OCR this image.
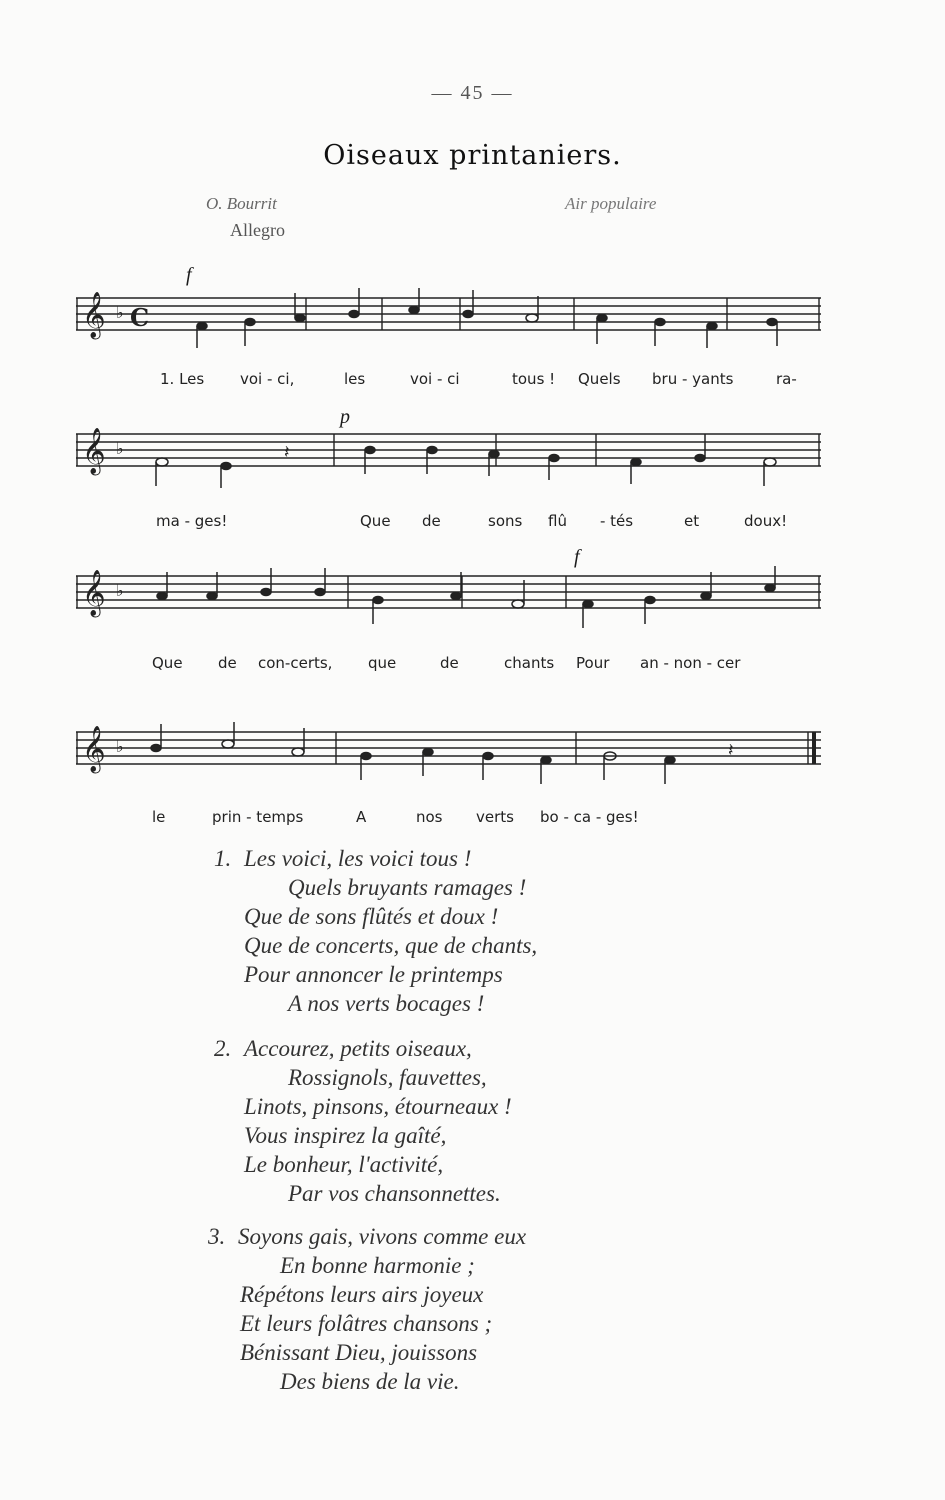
— 45 —
Oiseaux printaniers.
O. Bourrit
Allegro
Air populaire
𝄞 ♭ C
f
1. Les voi - ci,	les	voi - ci	tous ! Quels bru - yants	ra-
𝄞 ♭	𝄽
p
ma - ges!	Que de	sons flû - tés	et	doux!
𝄞 ♭
f
Que de con-certs, que	de	chants Pour an - non - cer
𝄞 ♭	𝄽
le	prin - temps	A	nos verts bo - ca - ges!
1. Les voici, les voici tous !
Quels bruyants ramages !
Que de sons flûtés et doux !
Que de concerts, que de chants,
Pour annoncer le printemps
A nos verts bocages !
2. Accourez, petits oiseaux,
Rossignols, fauvettes,
Linots, pinsons, étourneaux !
Vous inspirez la gaîté,
Le bonheur, l'activité,
Par vos chansonnettes.
3. Soyons gais, vivons comme eux
En bonne harmonie ;
Répétons leurs airs joyeux
Et leurs folâtres chansons ;
Bénissant Dieu, jouissons
Des biens de la vie.
